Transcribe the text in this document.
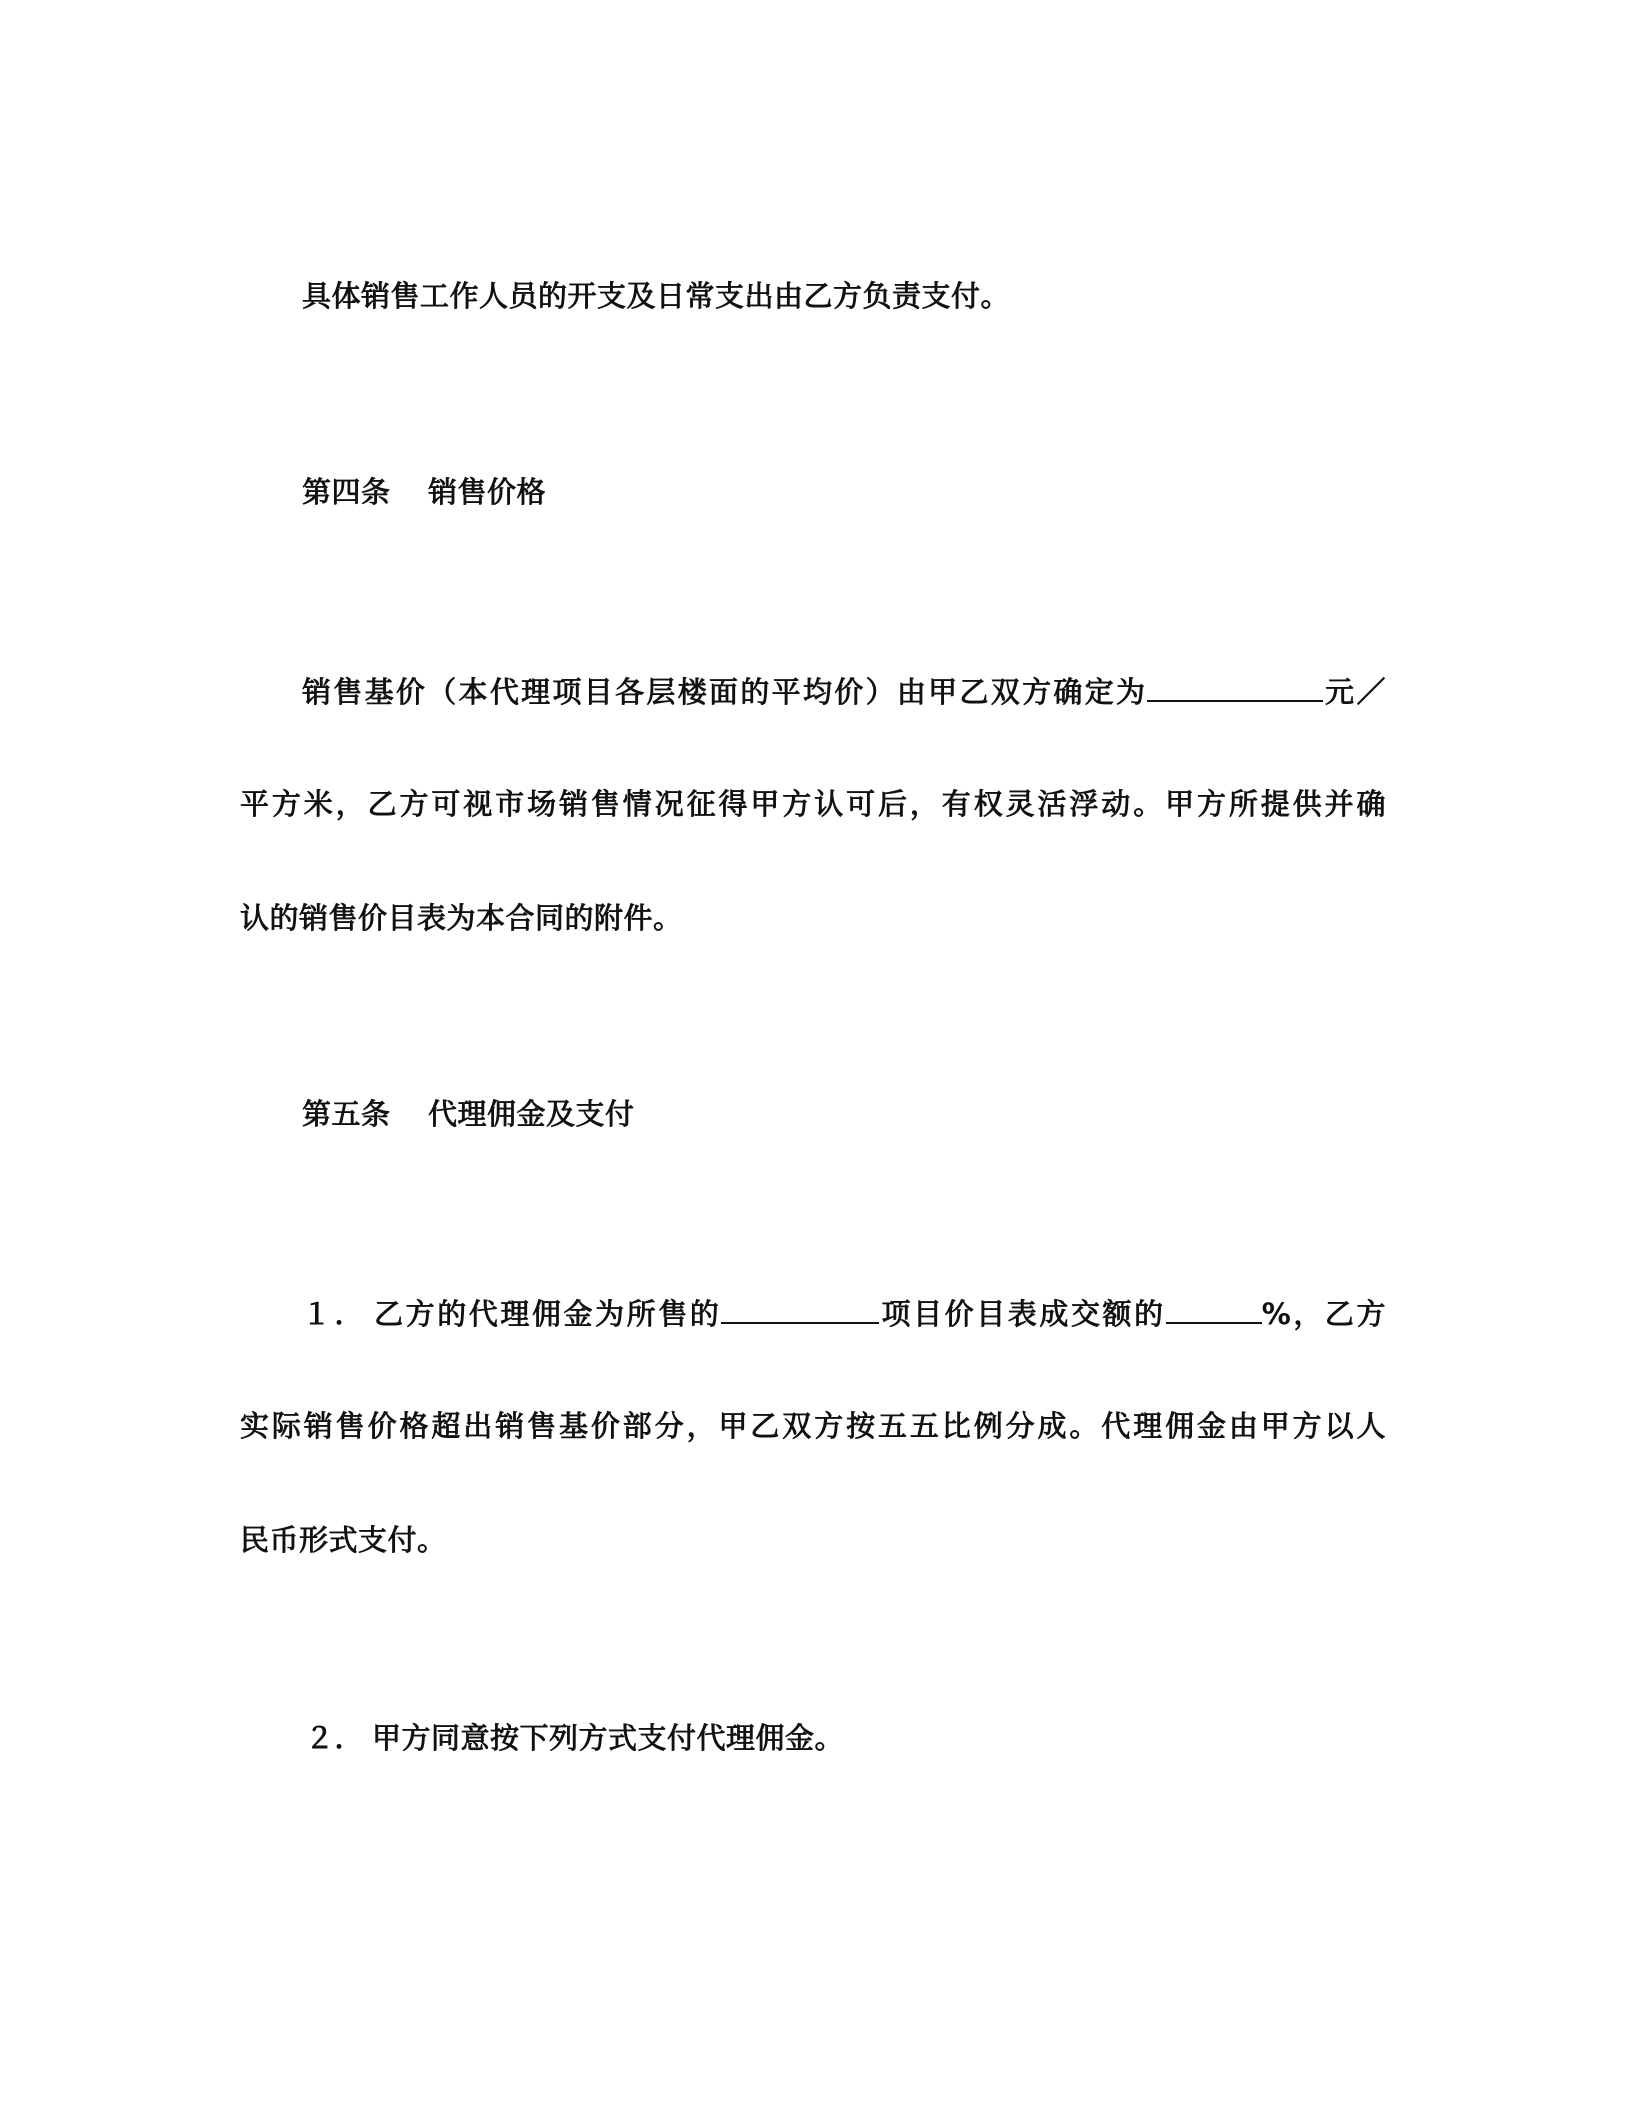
具体销售工作人员的开支及日常支出由乙方负责支付。
第四条 销售价格
销售基价（本代理项目各层楼面的平均价）由甲乙双方确定为	元／
平方米，乙方可视市场销售情况征得甲方认可后，有权灵活浮动。甲方所提供并确
认的销售价目表为本合同的附件。
第五条 代理佣金及支付
１． 乙方的代理佣金为所售的	项目价目表成交额的	%，乙方
实际销售价格超出销售基价部分，甲乙双方按五五比例分成。代理佣金由甲方以人
民币形式支付。
２． 甲方同意按下列方式支付代理佣金。
